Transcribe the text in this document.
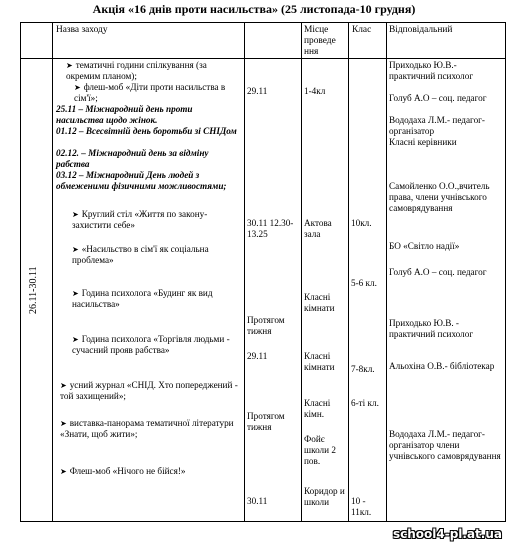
Акція «16 днів проти насильства» (25 листопада-10 грудня)
Назва заходу	Місце проведе ння
Клас Відповідальний
26.11-30.11
➤ тематичні години спілкування (за окремим планом);
➤ флеш-моб «Діти проти насильства в сім'ї»;
25.11 – Міжнародний день проти насильства щодо жінок.
01.12 – Всесвітній день боротьби зі СНІДом
02.12. – Міжнародний день за відміну рабства
03.12 – Міжнародний День людей з обмеженими фізичними можливостями;
➤ Круглий стіл «Життя по закону- захистити себе»
➤ «Насильство в сім'ї як соціальна проблема»
➤ Година психолога «Будинг як вид насильства»
➤ Година психолога «Торгівля людьми - сучасний прояв рабства»
➤ усний журнал «СНІД. Хто попереджений - той захищений»;
➤ виставка-панорама тематичної літератури «Знати, щоб жити»;
➤ Флеш-моб «Нічого не бійся!»
29.11
30.11 12.30-13.25
Протягом тижня
29.11
Протягом тижня
30.11
1-4кл
Актова зала
Класні кімнати
Класні кімнати
Класні кімн.
Фойє школи 2 пов.
Коридор и школи
10кл.
5-6 кл.
7-8кл.
6-ті кл.
10 - 11кл.
Приходько Ю.В.- практичний психолог
Голуб А.О – соц. педагог
Вододаха Л.М.- педагог-організатор
Класні керівники
Самойленко О.О.,вчитель права, члени учнівського самоврядування
БО «Світло надії»
Голуб А.О – соц. педагог
Приходько Ю.В. - практичний психолог
Альохіна О.В.- бібліотекар
Вододаха Л.М.- педагог-організатор члени учнівського самоврядування
school4-pl.at.ua
